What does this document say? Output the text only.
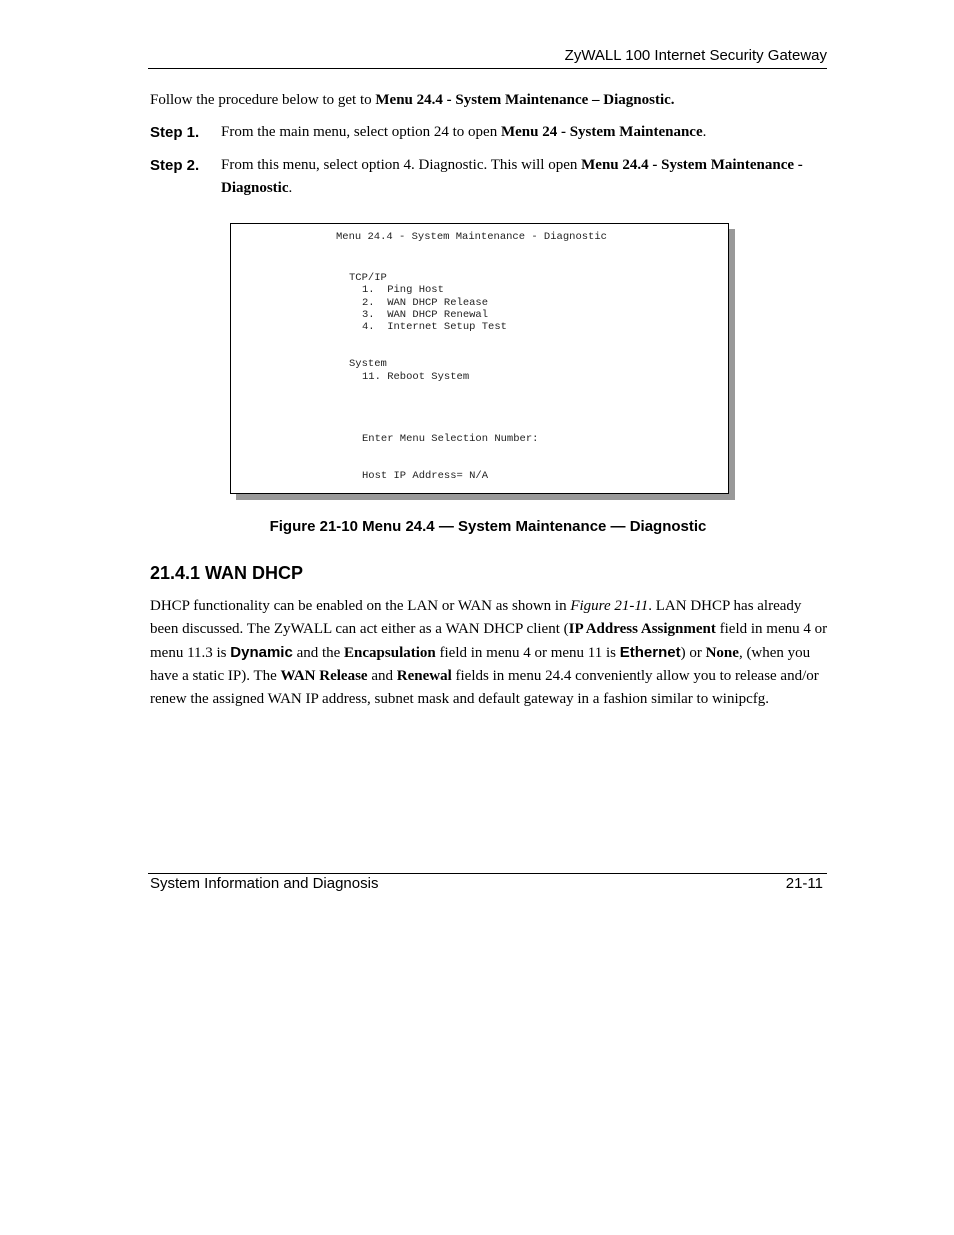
ZyWALL 100 Internet Security Gateway
Follow the procedure below to get to Menu 24.4 - System Maintenance – Diagnostic.
Step 1. From the main menu, select option 24 to open Menu 24 - System Maintenance.
Step 2. From this menu, select option 4. Diagnostic. This will open Menu 24.4 - System Maintenance - Diagnostic.
Menu 24.4 - System Maintenance - Diagnostic
TCP/IP
1.  Ping Host
2.  WAN DHCP Release
3.  WAN DHCP Renewal
4.  Internet Setup Test
System
11. Reboot System
Enter Menu Selection Number:
Host IP Address= N/A
Figure 21-10 Menu 24.4 — System Maintenance — Diagnostic
21.4.1 WAN DHCP
DHCP functionality can be enabled on the LAN or WAN as shown in Figure 21-11. LAN DHCP has already been discussed. The ZyWALL can act either as a WAN DHCP client (IP Address Assignment field in menu 4 or menu 11.3 is Dynamic and the Encapsulation field in menu 4 or menu 11 is Ethernet) or None, (when you have a static IP). The WAN Release and Renewal fields in menu 24.4 conveniently allow you to release and/or renew the assigned WAN IP address, subnet mask and default gateway in a fashion similar to winipcfg.
System Information and Diagnosis	21-11
